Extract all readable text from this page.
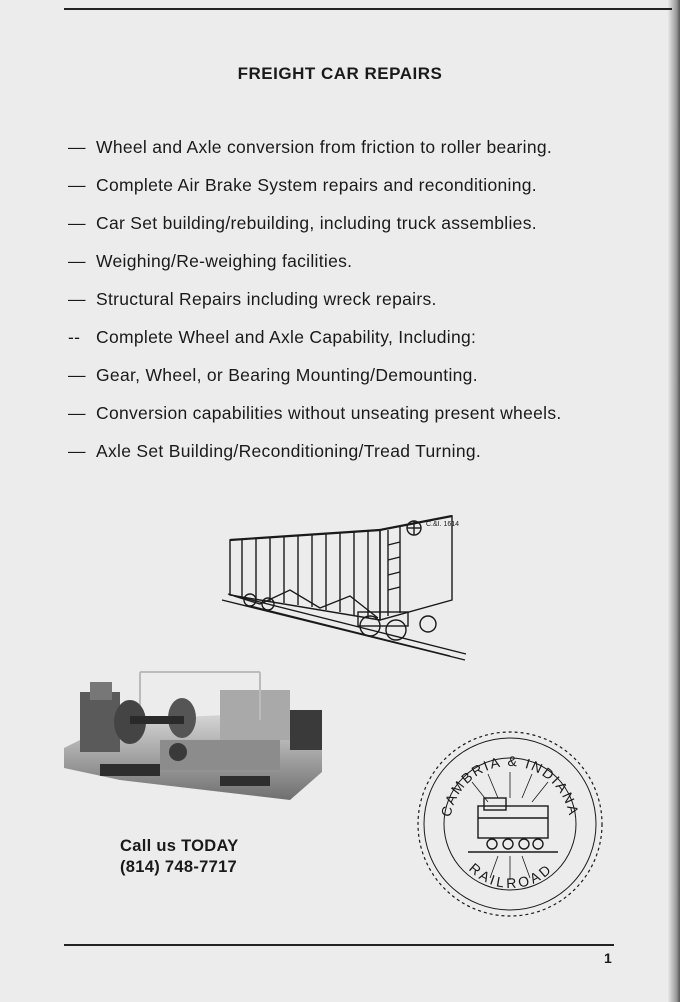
FREIGHT CAR REPAIRS
— Wheel and Axle conversion from friction to roller bearing.
— Complete Air Brake System repairs and reconditioning.
— Car Set building/rebuilding, including truck assemblies.
— Weighing/Re-weighing facilities.
— Structural Repairs including wreck repairs.
-- Complete Wheel and Axle Capability, Including:
— Gear, Wheel, or Bearing Mounting/Demounting.
— Conversion capabilities without unseating present wheels.
— Axle Set Building/Reconditioning/Tread Turning.
C.&I. 1614
CAMBRIA & INDIANA
RAILROAD
Call us TODAY
(814) 748-7717
1
